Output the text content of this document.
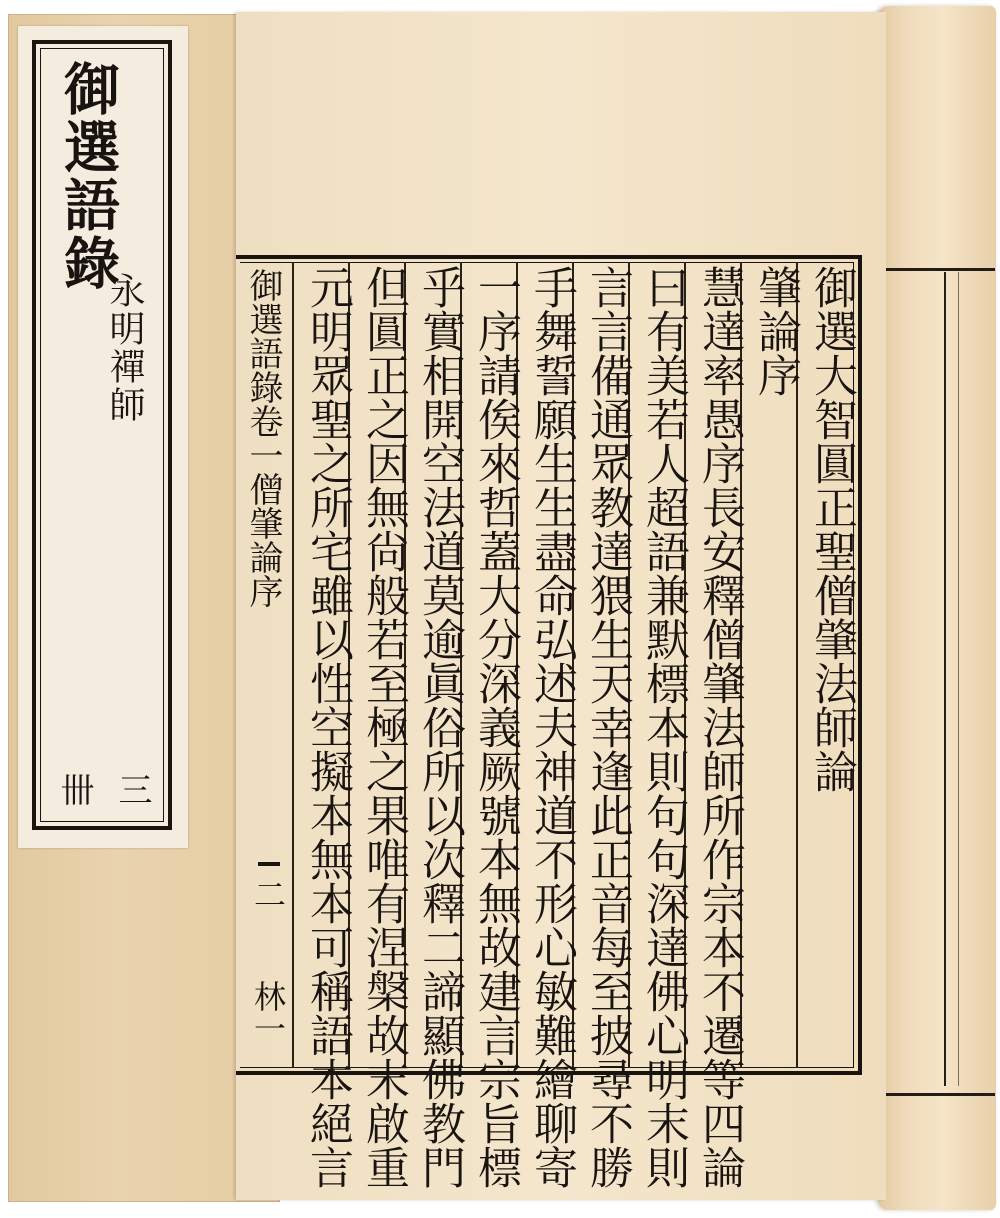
御選語錄
永明禪師
三
卌
御選語錄卷一僧肇論序
二
林一
御選大智圓正聖僧肇法師論
肇論序
慧達率愚序長安釋僧肇法師所作宗本不遷等四論
曰有美若人超語兼默標本則句句深達佛心明末則
言言備通眾教達猥生天幸逢此正音每至披尋不勝
手舞誓願生生盡命弘述夫神道不形心敏難繪聊寄
一序請俟來哲蓋大分深義厥號本無故建言宗旨標
乎實相開空法道莫逾眞俗所以次釋二諦顯佛教門
但圓正之因無尙般若至極之果唯有涅槃故末啟重
元明眾聖之所宅雖以性空擬本無本可稱語本絕言
